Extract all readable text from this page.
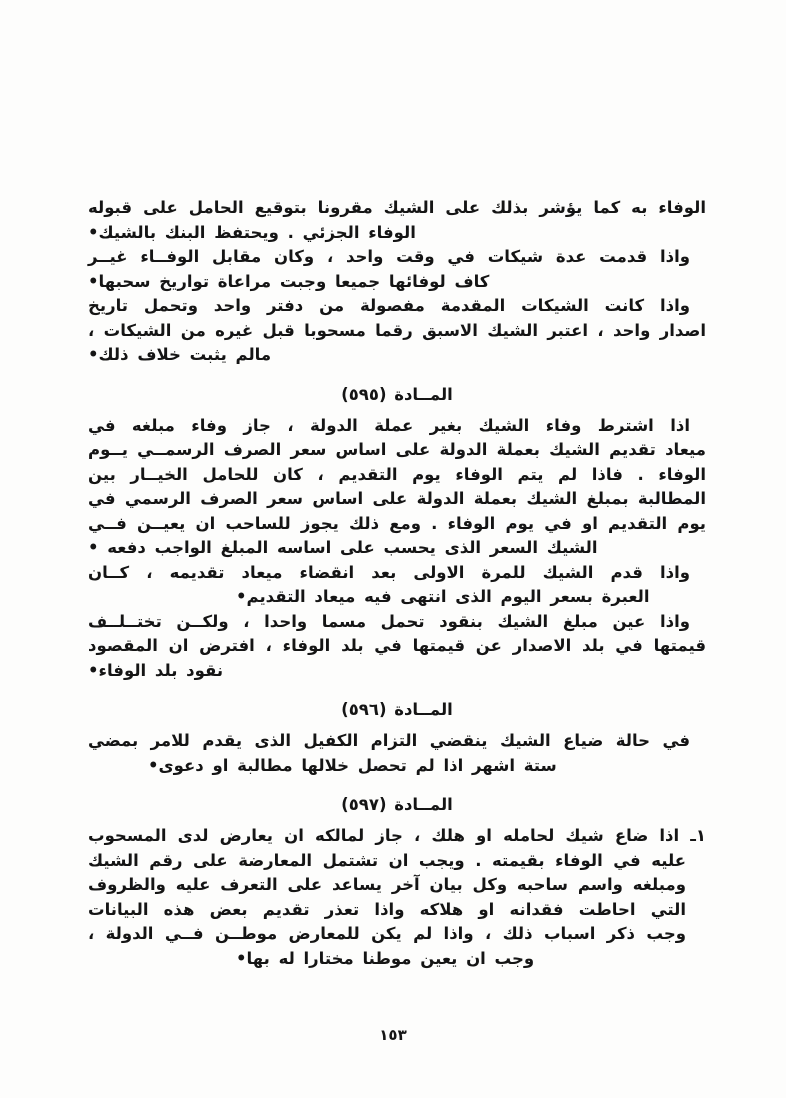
الوفاء به كما يؤشر بذلك على الشيك مقرونا بتوقيع الحامل على قبوله
الوفاء الجزئي . ويحتفظ البنك بالشيك•
واذا قدمت عدة شيكات في وقت واحد ، وكان مقابل الوفــاء غيــر
كاف لوفائها جميعا وجبت مراعاة تواريخ سحبها•
واذا كانت الشيكات المقدمة مفصولة من دفتر واحد وتحمل تاريخ
اصدار واحد ، اعتبر الشيك الاسبق رقما مسحوبا قبل غيره من الشيكات ،
مالم يثبت خلاف ذلك•
المــادة (٥٩٥)
اذا اشترط وفاء الشيك بغير عملة الدولة ، جاز وفاء مبلغه في
ميعاد تقديم الشيك بعملة الدولة على اساس سعر الصرف الرسمــي يــوم
الوفاء . فاذا لم يتم الوفاء يوم التقديم ، كان للحامل الخيــار بين
المطالبة بمبلغ الشيك بعملة الدولة على اساس سعر الصرف الرسمي في
يوم التقديم او في يوم الوفاء . ومع ذلك يجوز للساحب ان يعيــن فــي
الشيك السعر الذى يحسب على اساسه المبلغ الواجب دفعه •
واذا قدم الشيك للمرة الاولى بعد انقضاء ميعاد تقديمه ، كــان
العبرة بسعر اليوم الذى انتهى فيه ميعاد التقديم•
واذا عين مبلغ الشيك بنقود تحمل مسما واحدا ، ولكــن تختــلــف
قيمتها في بلد الاصدار عن قيمتها في بلد الوفاء ، افترض ان المقصود
نقود بلد الوفاء•
المــادة (٥٩٦)
في حالة ضياع الشيك ينقضي التزام الكفيل الذى يقدم للامر بمضي
ستة اشهر اذا لم تحصل خلالها مطالبة او دعوى•
المــادة (٥٩٧)
١ـ اذا ضاع شيك لحامله او هلك ، جاز لمالكه ان يعارض لدى المسحوب
عليه في الوفاء بقيمته . ويجب ان تشتمل المعارضة على رقم الشيك
ومبلغه واسم ساحبه وكل بيان آخر يساعد على التعرف عليه والظروف
التي احاطت فقدانه او هلاكه واذا تعذر تقديم بعض هذه البيانات
وجب ذكر اسباب ذلك ، واذا لم يكن للمعارض موطــن فــي الدولة ،
وجب ان يعين موطنا مختارا له بها•
١٥٣
